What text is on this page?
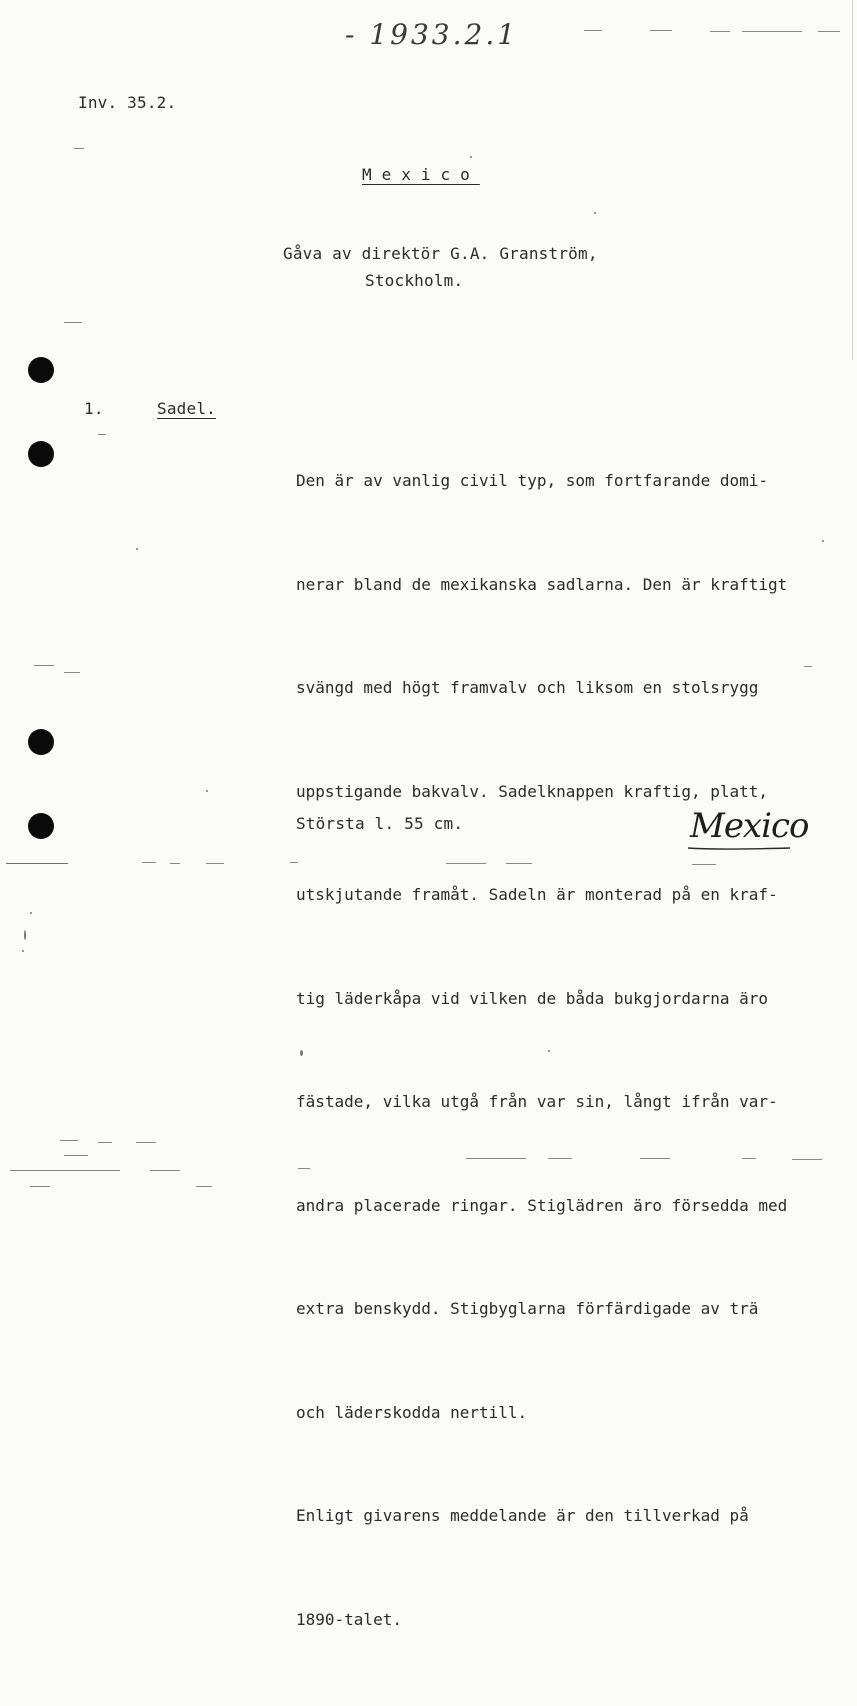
- 1933.2.1
Inv. 35.2.
Mexico
Gåva av direktör G.A. Granström,
Stockholm.
1.	Sadel.

Den är av vanlig civil typ, som fortfarande domi-

nerar bland de mexikanska sadlarna. Den är kraftigt

svängd med högt framvalv och liksom en stolsrygg

uppstigande bakvalv. Sadelknappen kraftig, platt,

utskjutande framåt. Sadeln är monterad på en kraf-

tig läderkåpa vid vilken de båda bukgjordarna äro

fästade, vilka utgå från var sin, långt ifrån var-

andra placerade ringar. Stiglädren äro försedda med

extra benskydd. Stigbyglarna förfärdigade av trä

och läderskodda nertill.

Enligt givarens meddelande är den tillverkad på

1890-talet.

Största l. 55 cm.	Mexico
